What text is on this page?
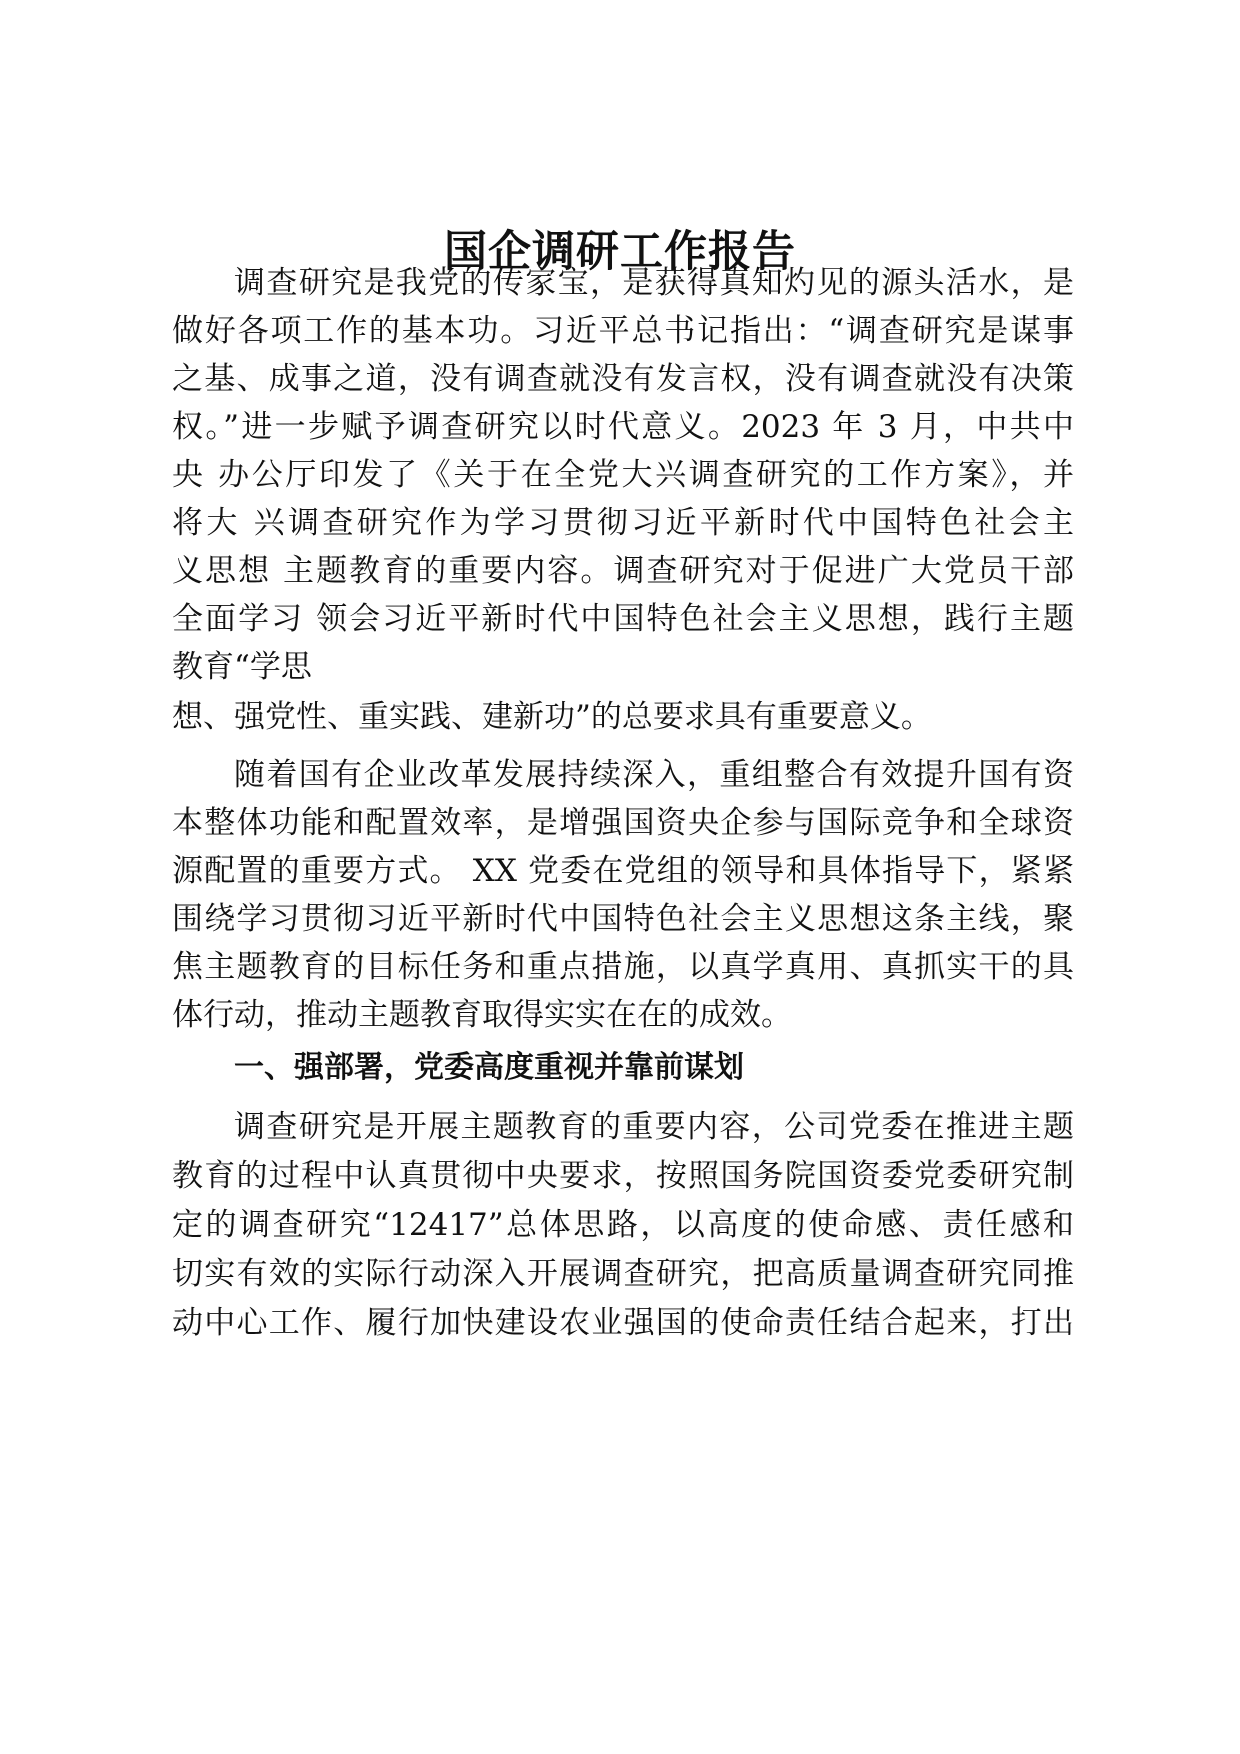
国企调研工作报告
调查研究是我党的传家宝，是获得真知灼见的源头活水，是
做好各项工作的基本功。习近平总书记指出：“调查研究是谋事
之基、成事之道，没有调查就没有发言权，没有调查就没有决策
权。”进一步赋予调查研究以时代意义。2023 年 3 月，中共中
央 办公厅印发了《关于在全党大兴调查研究的工作方案》，并
将大 兴调查研究作为学习贯彻习近平新时代中国特色社会主
义思想 主题教育的重要内容。调查研究对于促进广大党员干部
全面学习 领会习近平新时代中国特色社会主义思想，践行主题
教育“学思
想、强党性、重实践、建新功”的总要求具有重要意义。
随着国有企业改革发展持续深入，重组整合有效提升国有资
本整体功能和配置效率，是增强国资央企参与国际竞争和全球资
源配置的重要方式。 XX 党委在党组的领导和具体指导下，紧紧
围绕学习贯彻习近平新时代中国特色社会主义思想这条主线，聚
焦主题教育的目标任务和重点措施，以真学真用、真抓实干的具
体行动，推动主题教育取得实实在在的成效。
一、强部署，党委高度重视并靠前谋划
调查研究是开展主题教育的重要内容，公司党委在推进主题
教育的过程中认真贯彻中央要求，按照国务院国资委党委研究制
定的调查研究“12417”总体思路，以高度的使命感、责任感和
切实有效的实际行动深入开展调查研究，把高质量调查研究同推
动中心工作、履行加快建设农业强国的使命责任结合起来，打出
